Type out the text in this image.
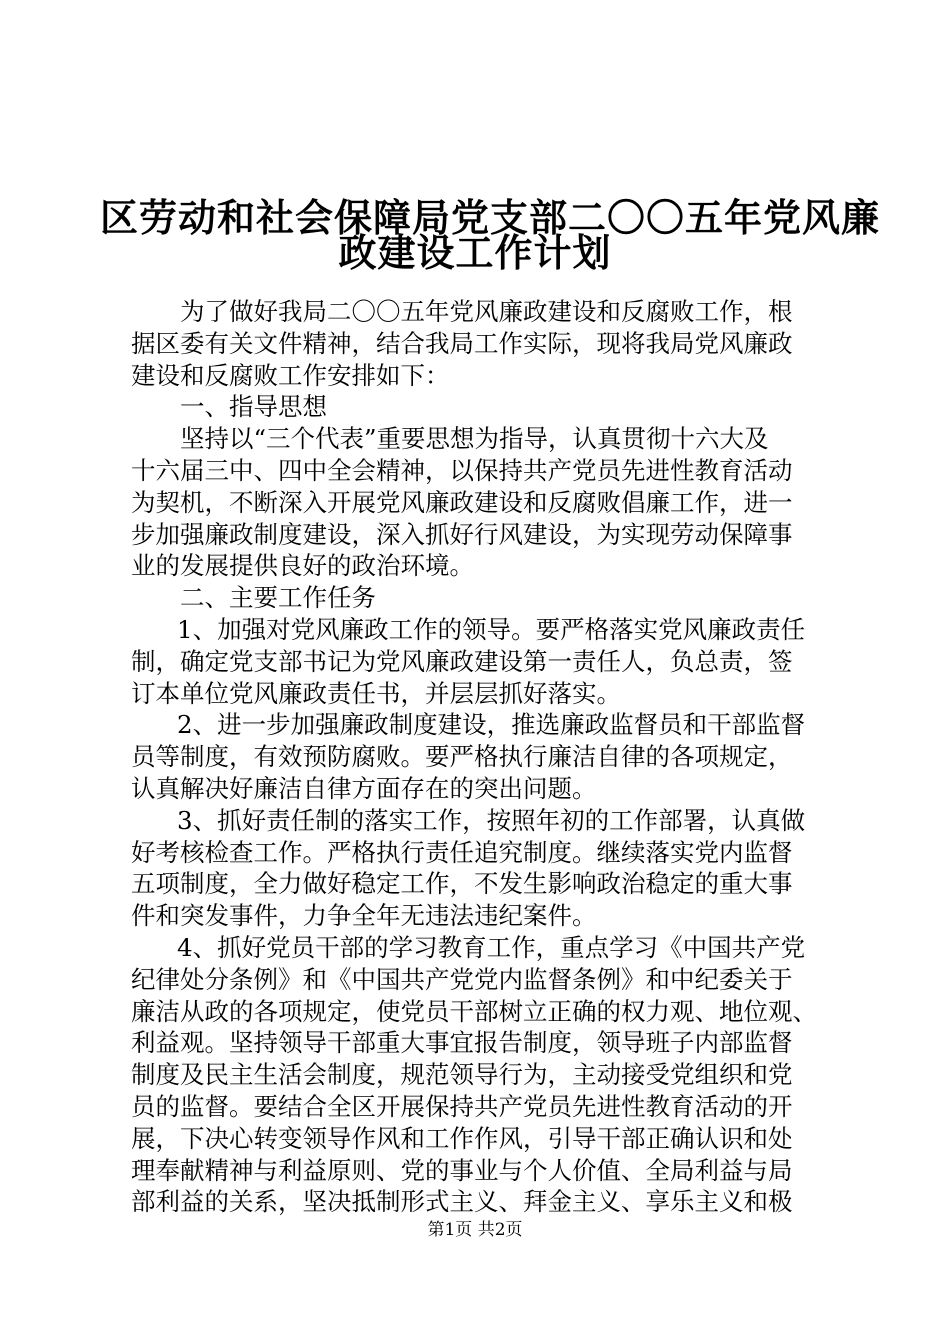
区劳动和社会保障局党支部二〇〇五年党风廉
政建设工作计划
为了做好我局二〇〇五年党风廉政建设和反腐败工作，根
据区委有关文件精神，结合我局工作实际，现将我局党风廉政
建设和反腐败工作安排如下：
一、指导思想
坚持以“三个代表”重要思想为指导，认真贯彻十六大及
十六届三中、四中全会精神，以保持共产党员先进性教育活动
为契机，不断深入开展党风廉政建设和反腐败倡廉工作，进一
步加强廉政制度建设，深入抓好行风建设，为实现劳动保障事
业的发展提供良好的政治环境。
二、主要工作任务
1、加强对党风廉政工作的领导。要严格落实党风廉政责任
制，确定党支部书记为党风廉政建设第一责任人，负总责，签
订本单位党风廉政责任书，并层层抓好落实。
2、进一步加强廉政制度建设，推选廉政监督员和干部监督
员等制度，有效预防腐败。要严格执行廉洁自律的各项规定，
认真解决好廉洁自律方面存在的突出问题。
3、抓好责任制的落实工作，按照年初的工作部署，认真做
好考核检查工作。严格执行责任追究制度。继续落实党内监督
五项制度，全力做好稳定工作，不发生影响政治稳定的重大事
件和突发事件，力争全年无违法违纪案件。
4、抓好党员干部的学习教育工作，重点学习《中国共产党
纪律处分条例》和《中国共产党党内监督条例》和中纪委关于
廉洁从政的各项规定，使党员干部树立正确的权力观、地位观、
利益观。坚持领导干部重大事宜报告制度，领导班子内部监督
制度及民主生活会制度，规范领导行为，主动接受党组织和党
员的监督。要结合全区开展保持共产党员先进性教育活动的开
展，下决心转变领导作风和工作作风，引导干部正确认识和处
理奉献精神与利益原则、党的事业与个人价值、全局利益与局
部利益的关系，坚决抵制形式主义、拜金主义、享乐主义和极
第1页 共2页
